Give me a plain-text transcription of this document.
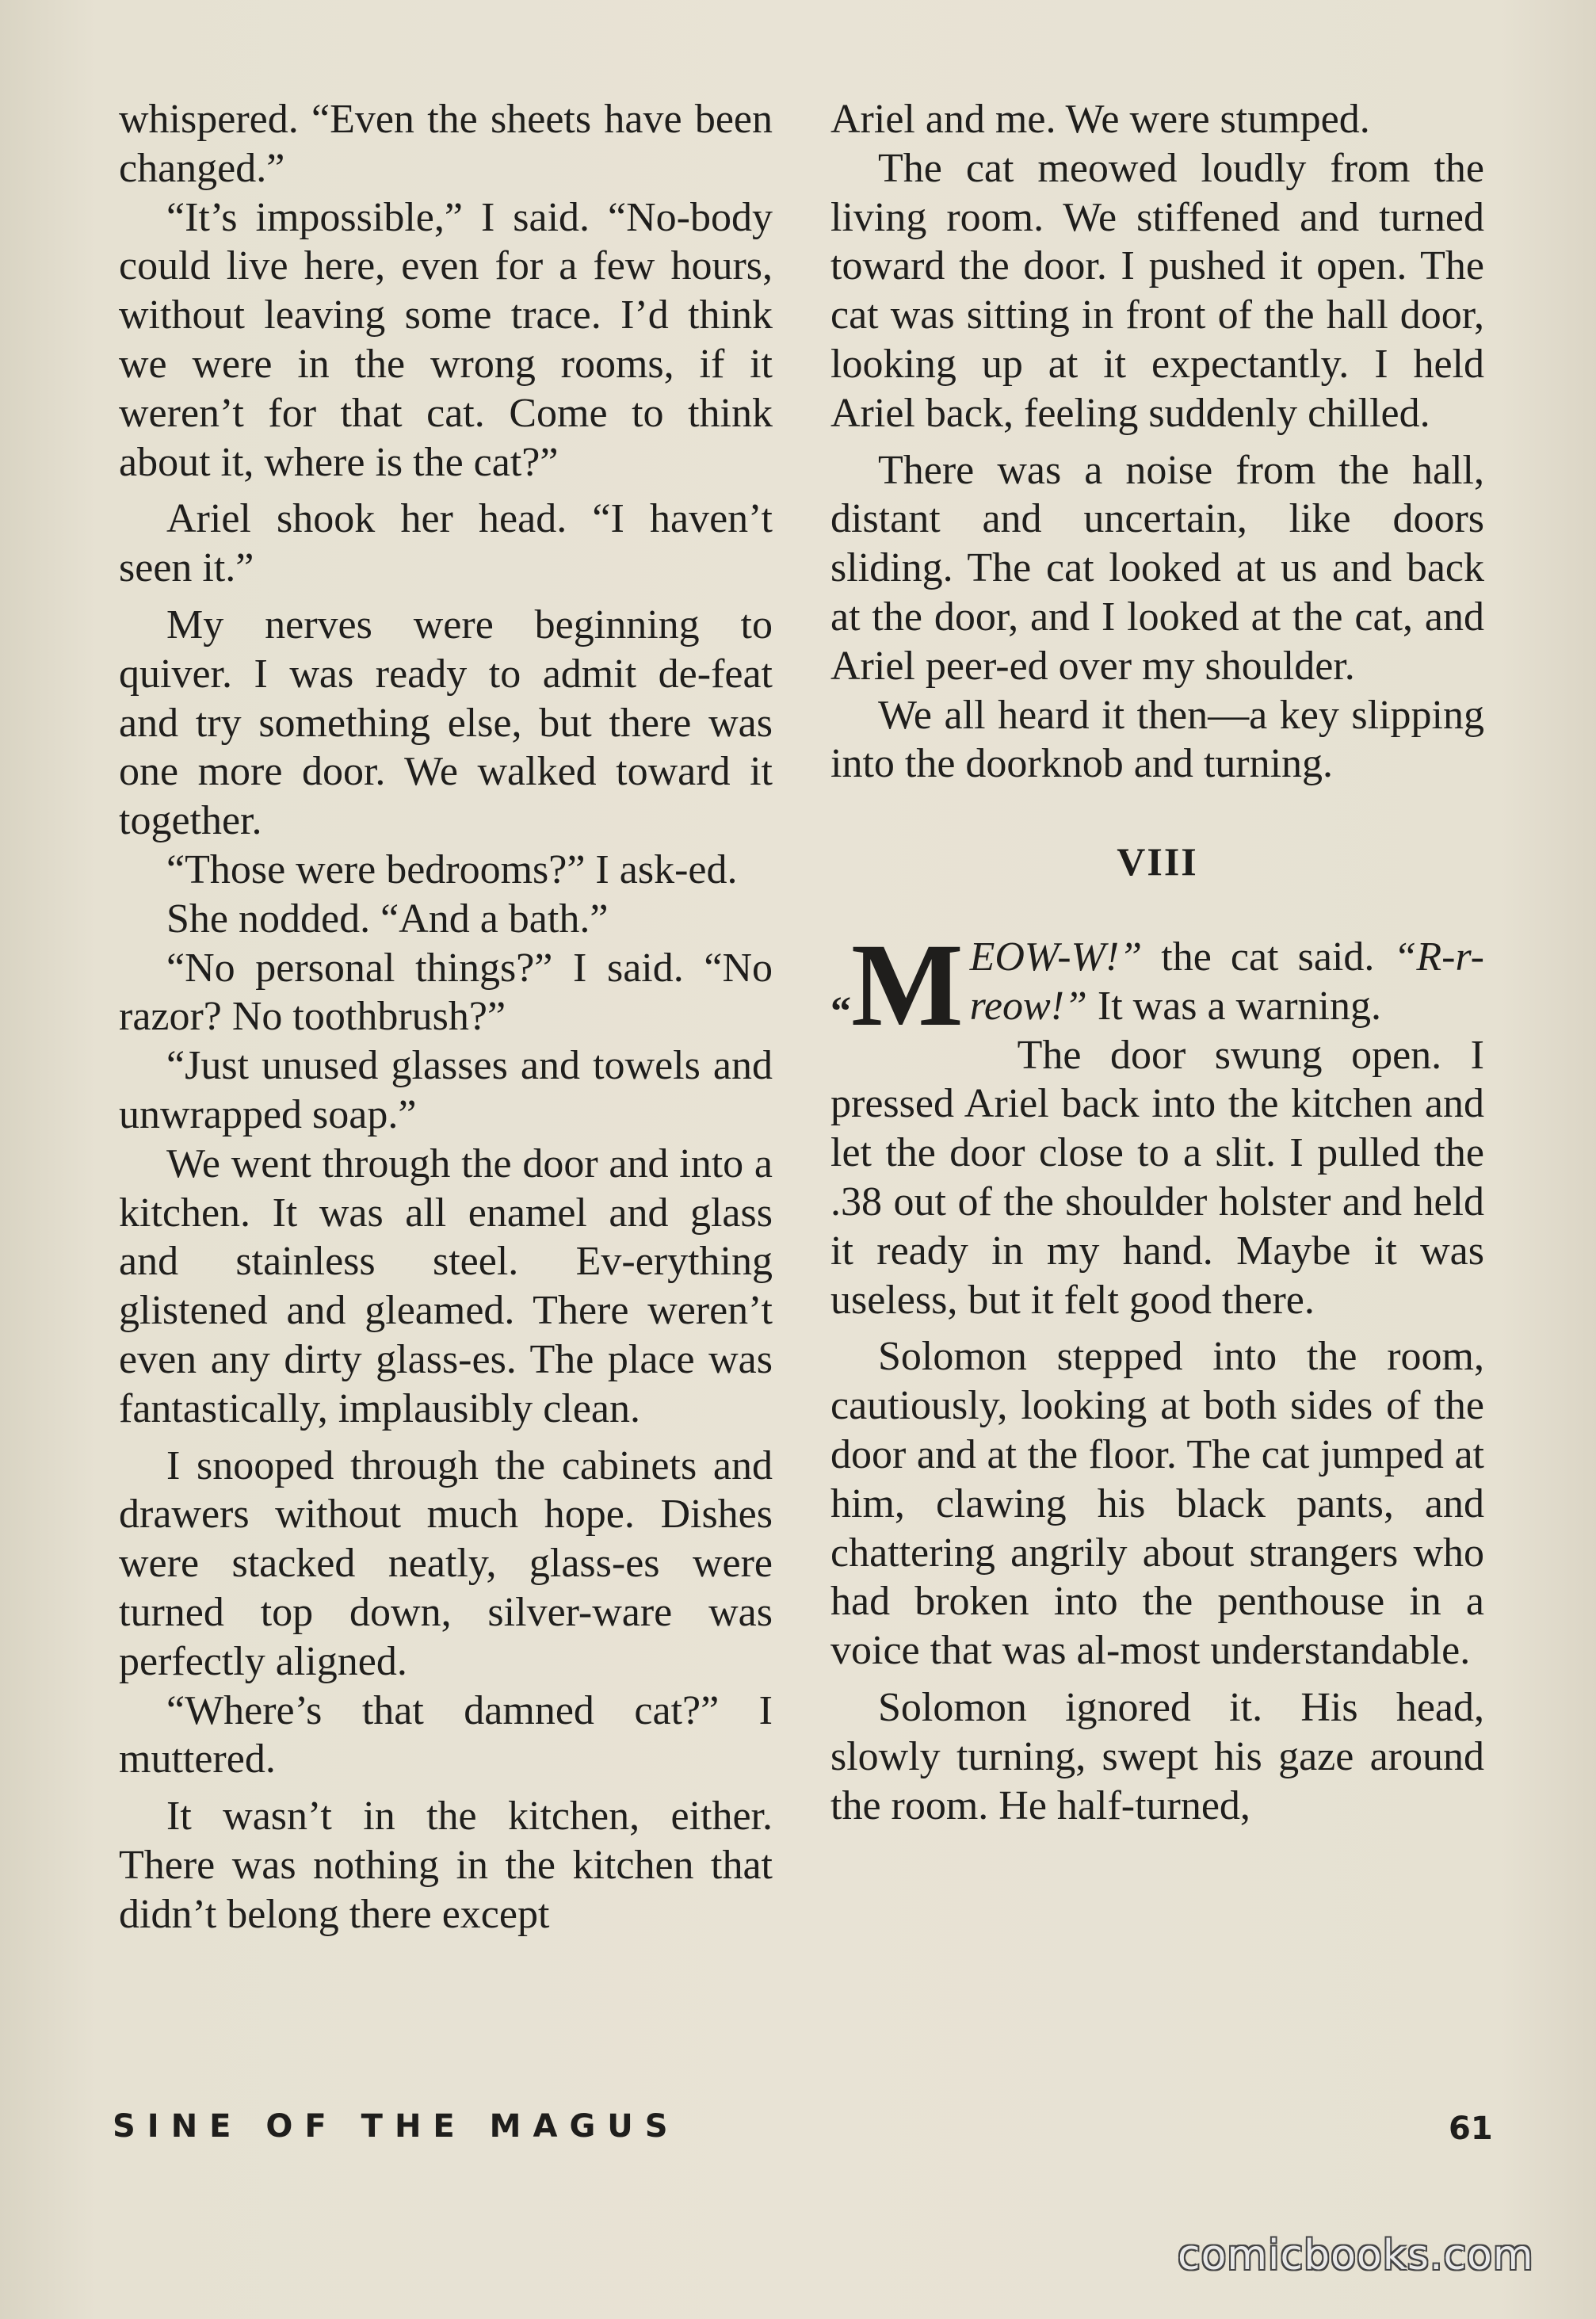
whispered. “Even the sheets have been changed.”

“It’s impossible,” I said. “No-body could live here, even for a few hours, without leaving some trace. I’d think we were in the wrong rooms, if it weren’t for that cat. Come to think about it, where is the cat?”

Ariel shook her head. “I haven’t seen it.”

My nerves were beginning to quiver. I was ready to admit de-feat and try something else, but there was one more door. We walked toward it together.

“Those were bedrooms?” I ask-ed.

She nodded. “And a bath.”

“No personal things?” I said. “No razor? No toothbrush?”

“Just unused glasses and towels and unwrapped soap.”

We went through the door and into a kitchen. It was all enamel and glass and stainless steel. Ev-erything glistened and gleamed. There weren’t even any dirty glass-es. The place was fantastically, implausibly clean.

I snooped through the cabinets and drawers without much hope. Dishes were stacked neatly, glass-es were turned top down, silver-ware was perfectly aligned.

“Where’s that damned cat?” I muttered.

It wasn’t in the kitchen, either. There was nothing in the kitchen that didn’t belong there except

Ariel and me. We were stumped.

The cat meowed loudly from the living room. We stiffened and turned toward the door. I pushed it open. The cat was sitting in front of the hall door, looking up at it expectantly. I held Ariel back, feeling suddenly chilled.

There was a noise from the hall, distant and uncertain, like doors sliding. The cat looked at us and back at the door, and I looked at the cat, and Ariel peer-ed over my shoulder.

We all heard it then—a key slipping into the doorknob and turning.

VIII

“M EOW-W!” the cat said. “R-r-reow!” It was a warning.

The door swung open. I pressed Ariel back into the kitchen and let the door close to a slit. I pulled the .38 out of the shoulder holster and held it ready in my hand. Maybe it was useless, but it felt good there.

Solomon stepped into the room, cautiously, looking at both sides of the door and at the floor. The cat jumped at him, clawing his black pants, and chattering angrily about strangers who had broken into the penthouse in a voice that was al-most understandable.

Solomon ignored it. His head, slowly turning, swept his gaze around the room. He half-turned,

SINE OF THE MAGUS	61
comicbooks.com
